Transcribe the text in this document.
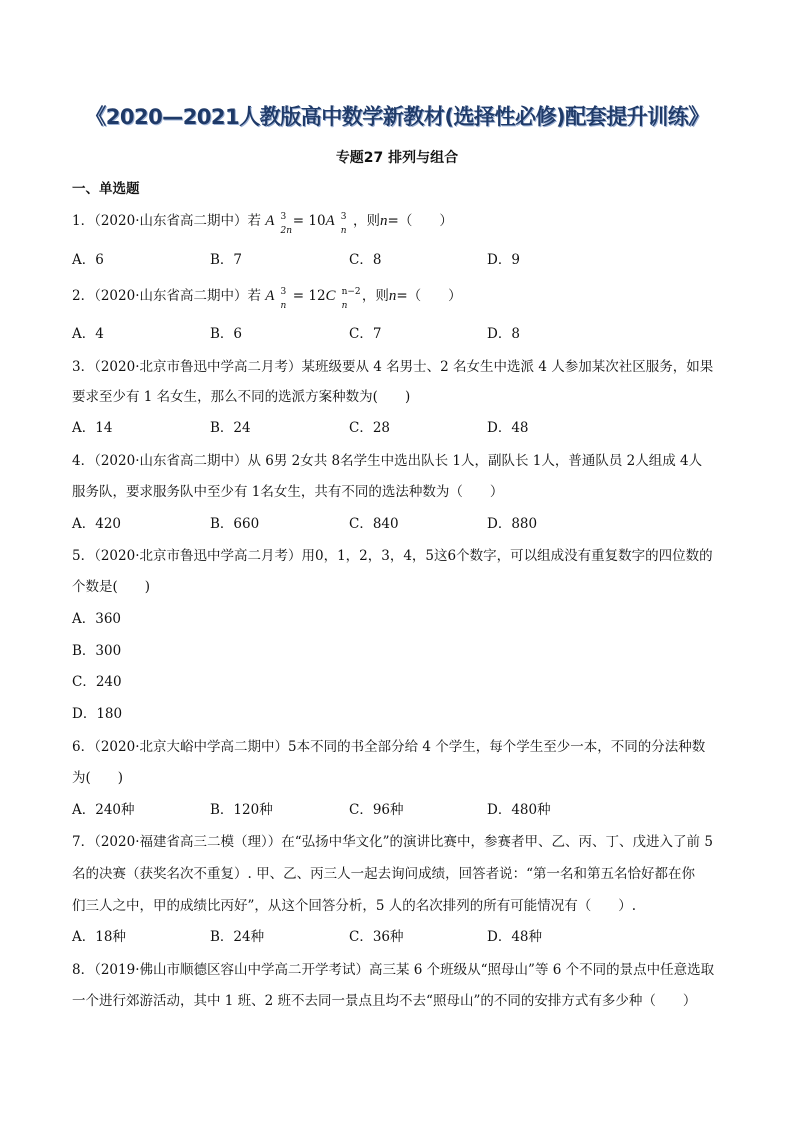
《2020—2021人教版高中数学新教材(选择性必修)配套提升训练》
专题27 排列与组合
一、单选题
1．（2020·山东省高二期中）若 A 3
2n
= 10A 3
n
，则n=（　　）
A．6	B．7	C．8	D．9
2．（2020·山东省高二期中）若 A 3
n
= 12C n−2
n
，则n=（　　）
A．4	B．6	C．7	D．8
3．（2020·北京市鲁迅中学高二月考）某班级要从 4 名男士、2 名女生中选派 4 人参加某次社区服务，如果
要求至少有 1 名女生，那么不同的选派方案种数为(　　)
A．14	B．24	C．28	D．48
4．（2020·山东省高二期中）从 6男 2女共 8名学生中选出队长 1人，副队长 1人，普通队员 2人组成 4人
服务队，要求服务队中至少有 1名女生，共有不同的选法种数为（　　）
A．420	B．660	C．840	D．880
5．（2020·北京市鲁迅中学高二月考）用0，1，2，3，4，5这6个数字，可以组成没有重复数字的四位数的
个数是(　　)
A．360
B．300
C．240
D．180
6．（2020·北京大峪中学高二期中）5本不同的书全部分给 4 个学生，每个学生至少一本，不同的分法种数
为(　　)
A．240种	B．120种	C．96种	D．480种
7．（2020·福建省高三二模（理））在“弘扬中华文化”的演讲比赛中，参赛者甲、乙、丙、丁、戊进入了前 5
名的决赛（获奖名次不重复）. 甲、乙、丙三人一起去询问成绩，回答者说：“第一名和第五名恰好都在你
们三人之中，甲的成绩比丙好”，从这个回答分析，5 人的名次排列的所有可能情况有（　　）.
A．18种	B．24种	C．36种	D．48种
8．（2019·佛山市顺德区容山中学高二开学考试）高三某 6 个班级从“照母山”等 6 个不同的景点中任意选取
一个进行郊游活动，其中 1 班、2 班不去同一景点且均不去“照母山”的不同的安排方式有多少种（　　）
